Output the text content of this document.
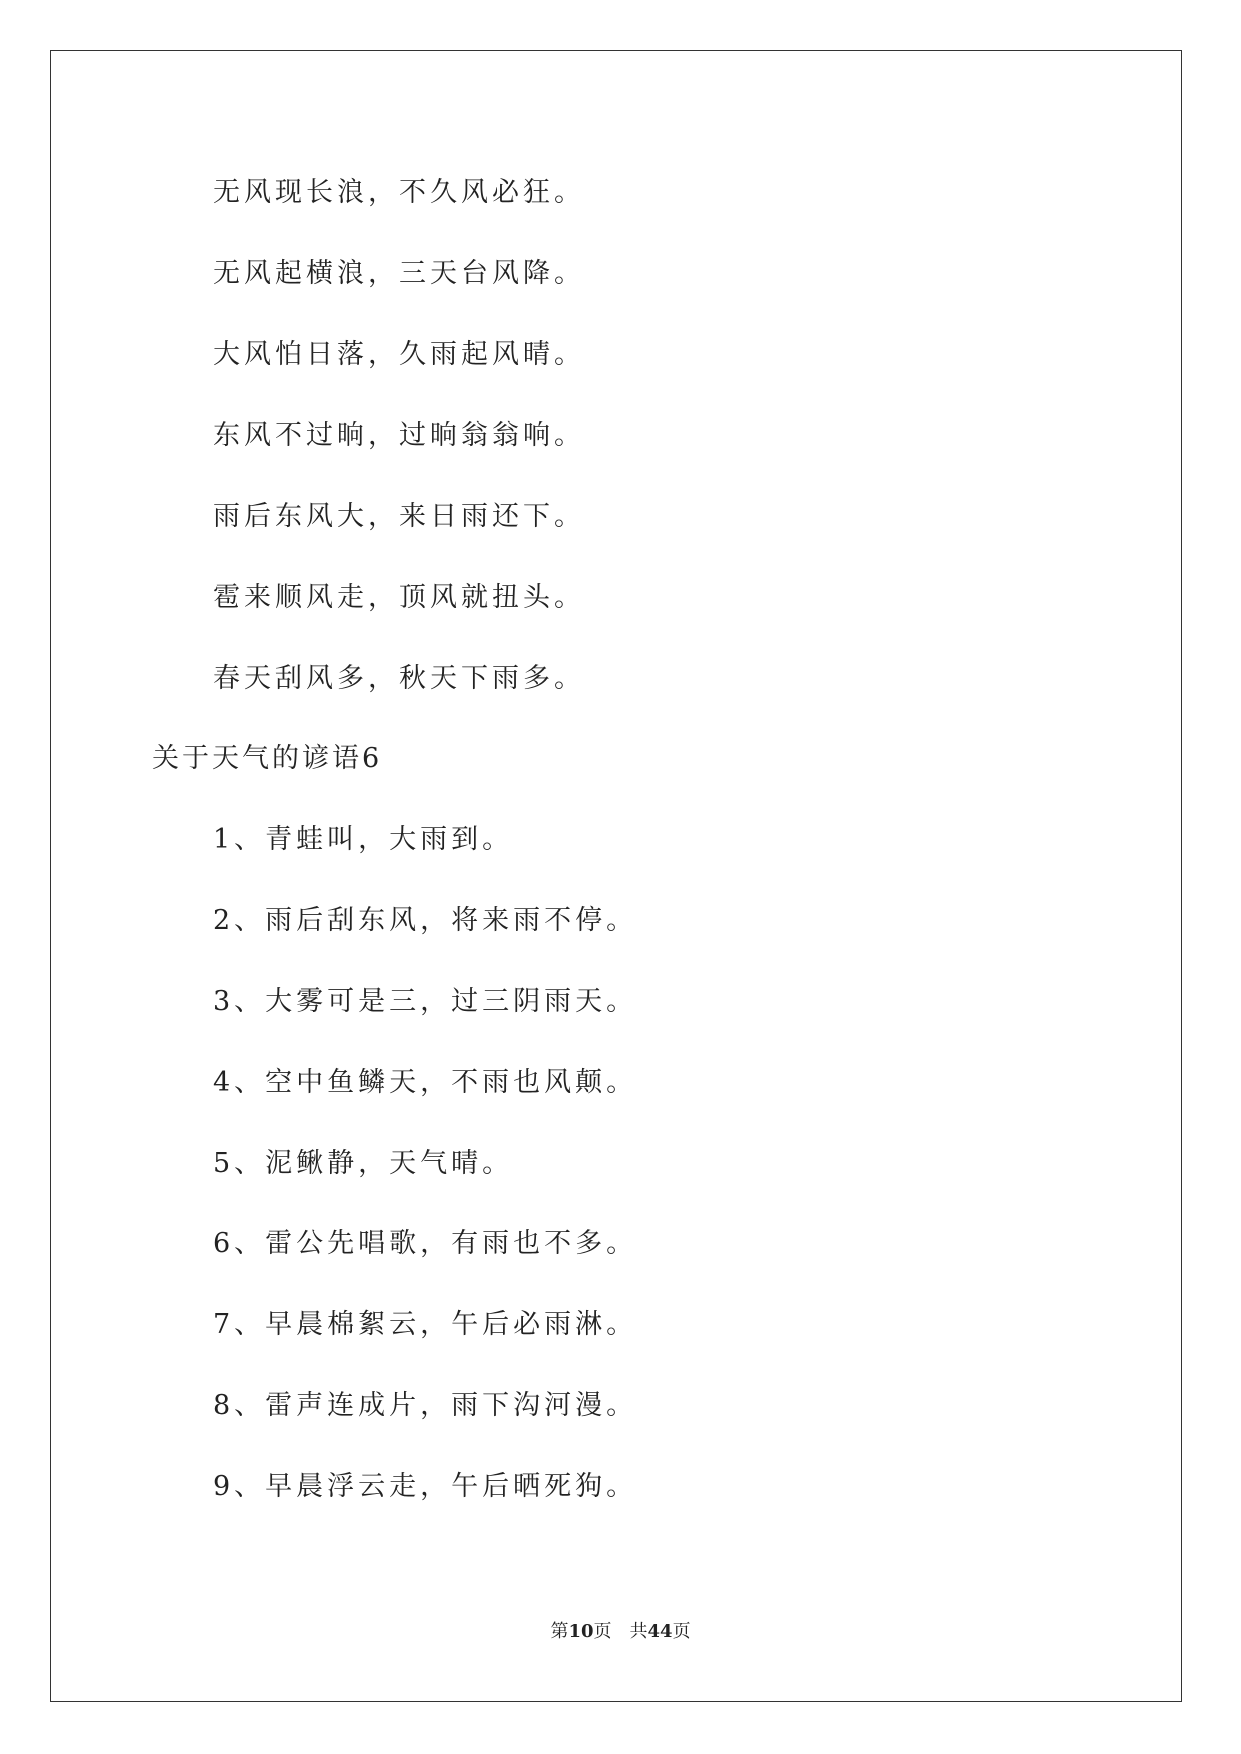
无风现长浪，不久风必狂。
无风起横浪，三天台风降。
大风怕日落，久雨起风晴。
东风不过晌，过晌翁翁响。
雨后东风大，来日雨还下。
雹来顺风走，顶风就扭头。
春天刮风多，秋天下雨多。
关于天气的谚语6
1、青蛙叫，大雨到。
2、雨后刮东风，将来雨不停。
3、大雾可是三，过三阴雨天。
4、空中鱼鳞天，不雨也风颠。
5、泥鳅静，天气晴。
6、雷公先唱歌，有雨也不多。
7、早晨棉絮云，午后必雨淋。
8、雷声连成片，雨下沟河漫。
9、早晨浮云走，午后晒死狗。
第10页　共44页
